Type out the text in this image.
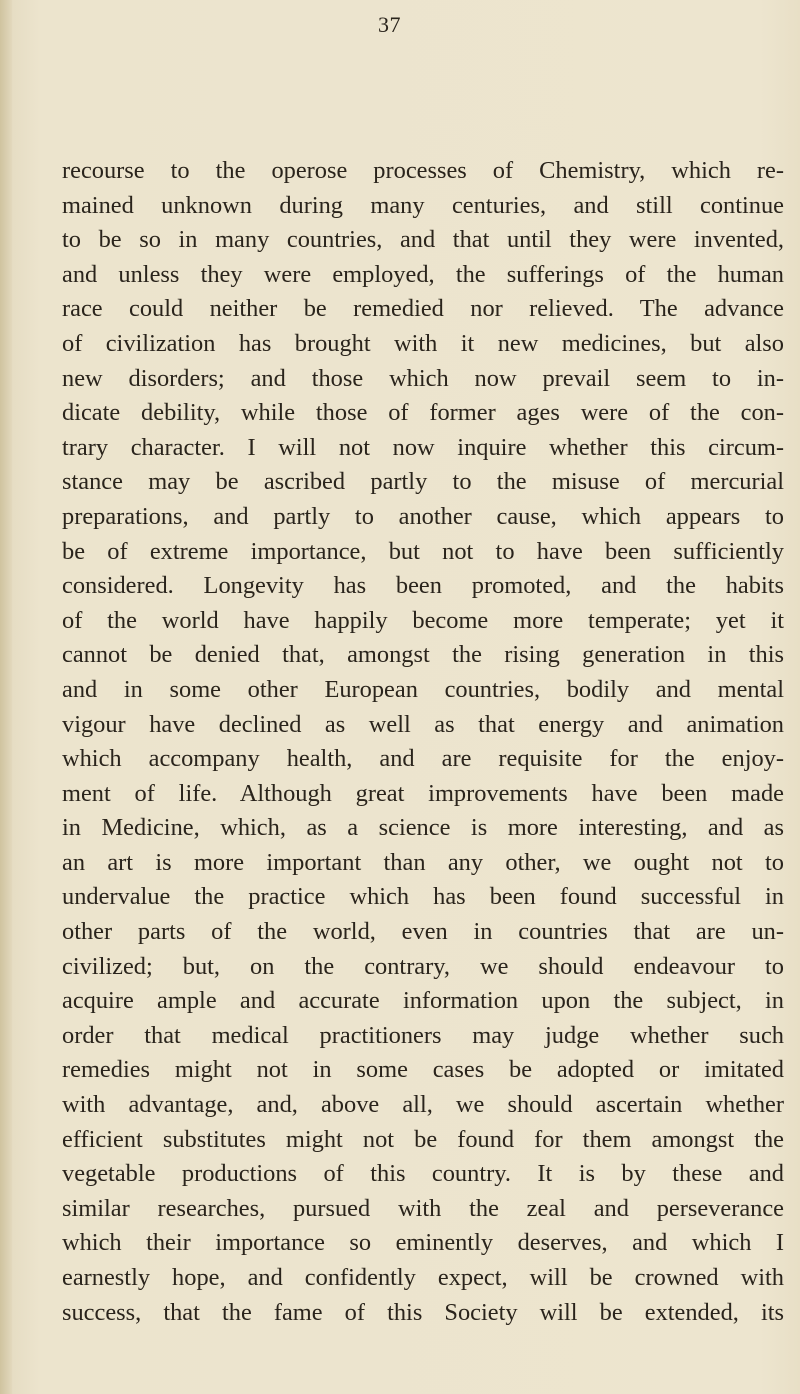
37
recourse to the operose processes of Chemistry, which re-
mained unknown during many centuries, and still continue
to be so in many countries, and that until they were invented,
and unless they were employed, the sufferings of the human
race could neither be remedied nor relieved. The advance
of civilization has brought with it new medicines, but also
new disorders; and those which now prevail seem to in-
dicate debility, while those of former ages were of the con-
trary character. I will not now inquire whether this circum-
stance may be ascribed partly to the misuse of mercurial
preparations, and partly to another cause, which appears to
be of extreme importance, but not to have been sufficiently
considered. Longevity has been promoted, and the habits
of the world have happily become more temperate; yet it
cannot be denied that, amongst the rising generation in this
and in some other European countries, bodily and mental
vigour have declined as well as that energy and animation
which accompany health, and are requisite for the enjoy-
ment of life. Although great improvements have been made
in Medicine, which, as a science is more interesting, and as
an art is more important than any other, we ought not to
undervalue the practice which has been found successful in
other parts of the world, even in countries that are un-
civilized; but, on the contrary, we should endeavour to
acquire ample and accurate information upon the subject, in
order that medical practitioners may judge whether such
remedies might not in some cases be adopted or imitated
with advantage, and, above all, we should ascertain whether
efficient substitutes might not be found for them amongst the
vegetable productions of this country. It is by these and
similar researches, pursued with the zeal and perseverance
which their importance so eminently deserves, and which I
earnestly hope, and confidently expect, will be crowned with
success, that the fame of this Society will be extended, its
